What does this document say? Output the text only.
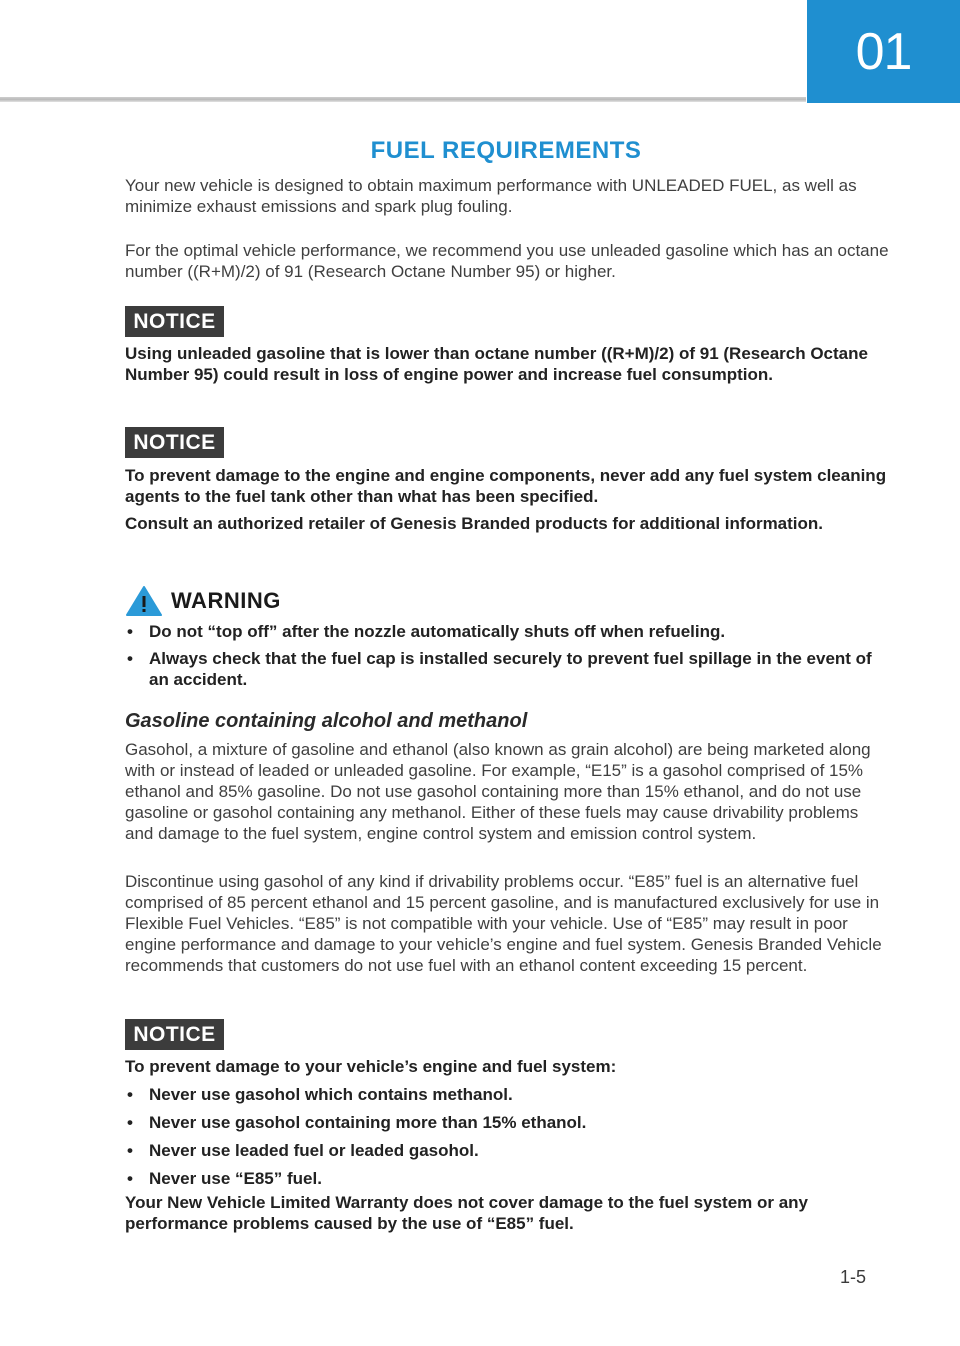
01
FUEL REQUIREMENTS
Your new vehicle is designed to obtain maximum performance with UNLEADED FUEL, as well as minimize exhaust emissions and spark plug fouling.
For the optimal vehicle performance, we recommend you use unleaded gasoline which has an octane number ((R+M)/2) of 91 (Research Octane Number 95) or higher.
NOTICE
Using unleaded gasoline that is lower than octane number ((R+M)/2) of 91 (Research Octane Number 95) could result in loss of engine power and increase fuel consumption.
NOTICE
To prevent damage to the engine and engine components, never add any fuel system cleaning agents to the fuel tank other than what has been specified.
Consult an authorized retailer of Genesis Branded products for additional information.
WARNING
• Do not “top off” after the nozzle automatically shuts off when refueling.
• Always check that the fuel cap is installed securely to prevent fuel spillage in the event of an accident.
Gasoline containing alcohol and methanol
Gasohol, a mixture of gasoline and ethanol (also known as grain alcohol) are being marketed along with or instead of leaded or unleaded gasoline. For example, “E15” is a gasohol comprised of 15% ethanol and 85% gasoline. Do not use gasohol containing more than 15% ethanol, and do not use gasoline or gasohol containing any methanol. Either of these fuels may cause drivability problems and damage to the fuel system, engine control system and emission control system.
Discontinue using gasohol of any kind if drivability problems occur. “E85” fuel is an alternative fuel comprised of 85 percent ethanol and 15 percent gasoline, and is manufactured exclusively for use in Flexible Fuel Vehicles. “E85” is not compatible with your vehicle. Use of “E85” may result in poor engine performance and damage to your vehicle’s engine and fuel system. Genesis Branded Vehicle recommends that customers do not use fuel with an ethanol content exceeding 15 percent.
NOTICE
To prevent damage to your vehicle’s engine and fuel system:
• Never use gasohol which contains methanol.
• Never use gasohol containing more than 15% ethanol.
• Never use leaded fuel or leaded gasohol.
• Never use “E85” fuel.
Your New Vehicle Limited Warranty does not cover damage to the fuel system or any performance problems caused by the use of “E85” fuel.
1-5
